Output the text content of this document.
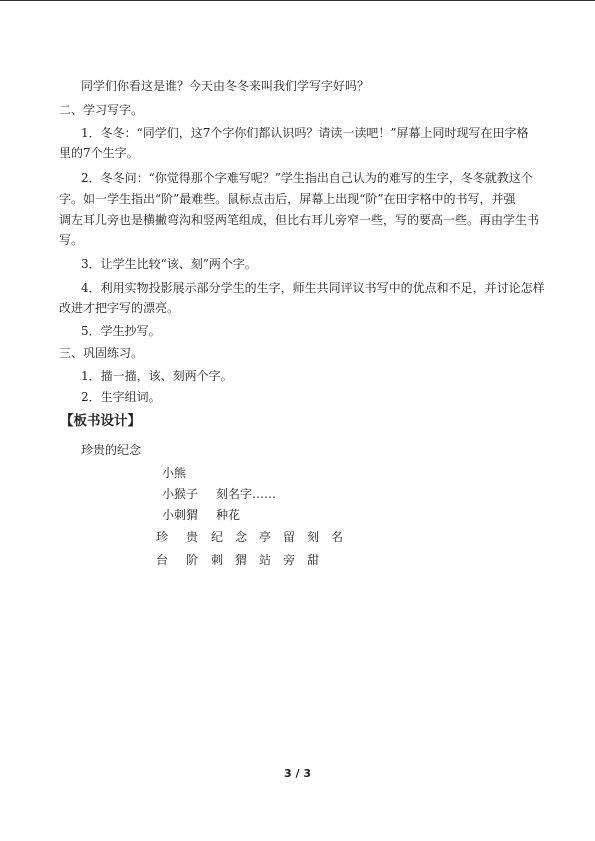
同学们你看这是谁？今天由冬冬来叫我们学写字好吗？
二、学习写字。
1．冬冬：“同学们，这7个字你们都认识吗？请读一读吧！”屏幕上同时现写在田字格
里的7个生字。
2．冬冬问：“你觉得那个字难写呢？”学生指出自己认为的难写的生字，冬冬就教这个
字。如一学生指出“阶”最难些。鼠标点击后，屏幕上出现“阶”在田字格中的书写，并强
调左耳儿旁也是横撇弯沟和竖两笔组成，但比右耳儿旁窄一些，写的要高一些。再由学生书
写。
3．让学生比较“该、刻”两个字。
4．利用实物投影展示部分学生的生字，师生共同评议书写中的优点和不足，并讨论怎样
改进才把字写的漂亮。
5．学生抄写。
三、巩固练习。
1．描一描，该、刻两个字。
2．生字组词。
【板书设计】
珍贵的纪念
小熊
小猴子 刻名字……
小刺猬 种花
珍 贵 纪 念 亭 留 刻 名
台 阶 刺 猬 站 旁 甜
3 / 3
